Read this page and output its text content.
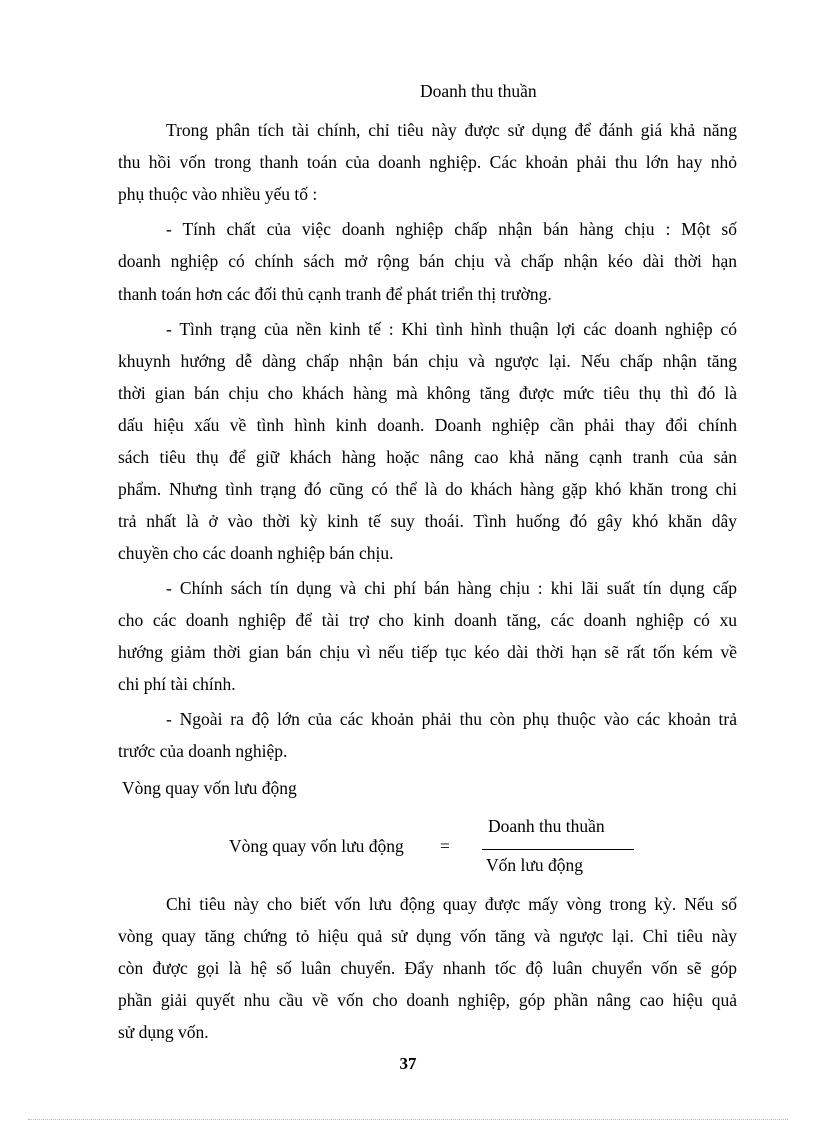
Doanh thu thuần
Trong phân tích tài chính, chỉ tiêu này được sử dụng để đánh giá khả năng
thu hồi vốn trong thanh toán của doanh nghiệp. Các khoản phải thu lớn hay nhỏ
phụ thuộc vào nhiều yếu tố :
- Tính chất của việc doanh nghiệp chấp nhận bán hàng chịu : Một số
doanh nghiệp có chính sách mở rộng bán chịu và chấp nhận kéo dài thời hạn
thanh toán hơn các đối thủ cạnh tranh để phát triển thị trường.
- Tình trạng của nền kinh tế : Khi tình hình thuận lợi các doanh nghiệp có
khuynh hướng dễ dàng chấp nhận bán chịu và ngược lại. Nếu chấp nhận tăng
thời gian bán chịu cho khách hàng mà không tăng được mức tiêu thụ thì đó là
dấu hiệu xấu về tình hình kinh doanh. Doanh nghiệp cần phải thay đổi chính
sách tiêu thụ để giữ khách hàng hoặc nâng cao khả năng cạnh tranh của sản
phẩm. Nhưng tình trạng đó cũng có thể là do khách hàng gặp khó khăn trong chi
trả nhất là ở vào thời kỳ kinh tế suy thoái. Tình huống đó gây khó khăn dây
chuyền cho các doanh nghiệp bán chịu.
- Chính sách tín dụng và chi phí bán hàng chịu : khi lãi suất tín dụng cấp
cho các doanh nghiệp để tài trợ cho kinh doanh tăng, các doanh nghiệp có xu
hướng giảm thời gian bán chịu vì nếu tiếp tục kéo dài thời hạn sẽ rất tốn kém về
chi phí tài chính.
- Ngoài ra độ lớn của các khoản phải thu còn phụ thuộc vào các khoản trả
trước của doanh nghiệp.
Vòng quay vốn lưu động
Vòng quay vốn lưu động =
Doanh thu thuần
Vốn lưu động
Chỉ tiêu này cho biết vốn lưu động quay được mấy vòng trong kỳ. Nếu số
vòng quay tăng chứng tỏ hiệu quả sử dụng vốn tăng và ngược lại. Chỉ tiêu này
còn được gọi là hệ số luân chuyển. Đẩy nhanh tốc độ luân chuyển vốn sẽ góp
phần giải quyết nhu cầu về vốn cho doanh nghiệp, góp phần nâng cao hiệu quả
sử dụng vốn.
37
